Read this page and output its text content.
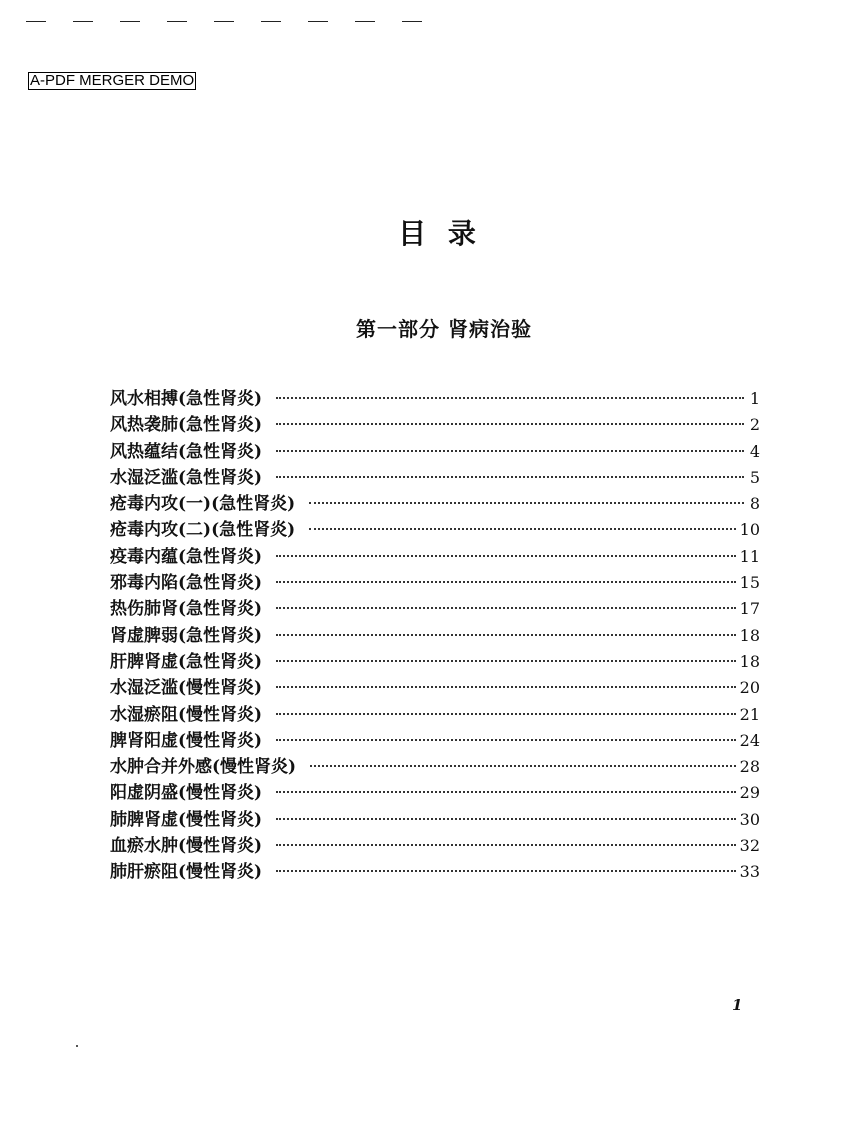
A-PDF MERGER DEMO
目 录
第一部分 肾病治验
风水相搏(急性肾炎)	1
风热袭肺(急性肾炎)	2
风热蕴结(急性肾炎)	4
水湿泛滥(急性肾炎)	5
疮毒内攻(一)(急性肾炎)	8
疮毒内攻(二)(急性肾炎)	10
疫毒内蕴(急性肾炎)	11
邪毒内陷(急性肾炎)	15
热伤肺肾(急性肾炎)	17
肾虚脾弱(急性肾炎)	18
肝脾肾虚(急性肾炎)	18
水湿泛滥(慢性肾炎)	20
水湿瘀阻(慢性肾炎)	21
脾肾阳虚(慢性肾炎)	24
水肿合并外感(慢性肾炎)	28
阳虚阴盛(慢性肾炎)	29
肺脾肾虚(慢性肾炎)	30
血瘀水肿(慢性肾炎)	32
肺肝瘀阻(慢性肾炎)	33
1
